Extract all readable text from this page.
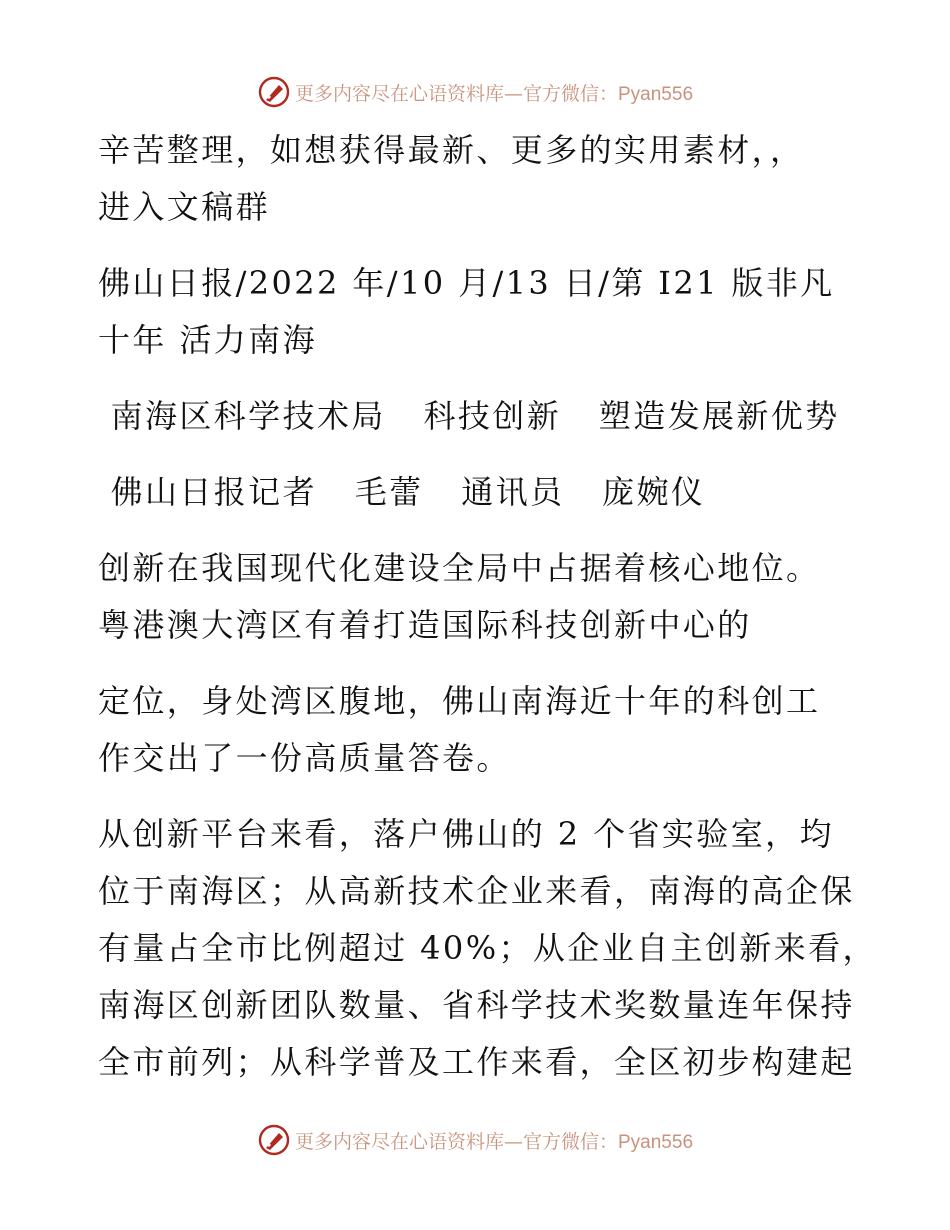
更多内容尽在心语资料库—官方微信：Pyan556

辛苦整理，如想获得最新、更多的实用素材，，
进入文稿群

佛山日报/2022 年/10 月/13 日/第 I21 版非凡
十年 活力南海

南海区科学技术局   科技创新   塑造发展新优势

佛山日报记者   毛蕾   通讯员   庞婉仪

创新在我国现代化建设全局中占据着核心地位。
粤港澳大湾区有着打造国际科技创新中心的

定位，身处湾区腹地，佛山南海近十年的科创工
作交出了一份高质量答卷。

从创新平台来看，落户佛山的 2 个省实验室，均
位于南海区；从高新技术企业来看，南海的高企保
有量占全市比例超过 40%；从企业自主创新来看，
南海区创新团队数量、省科学技术奖数量连年保持
全市前列；从科学普及工作来看，全区初步构建起

更多内容尽在心语资料库—官方微信：Pyan556
